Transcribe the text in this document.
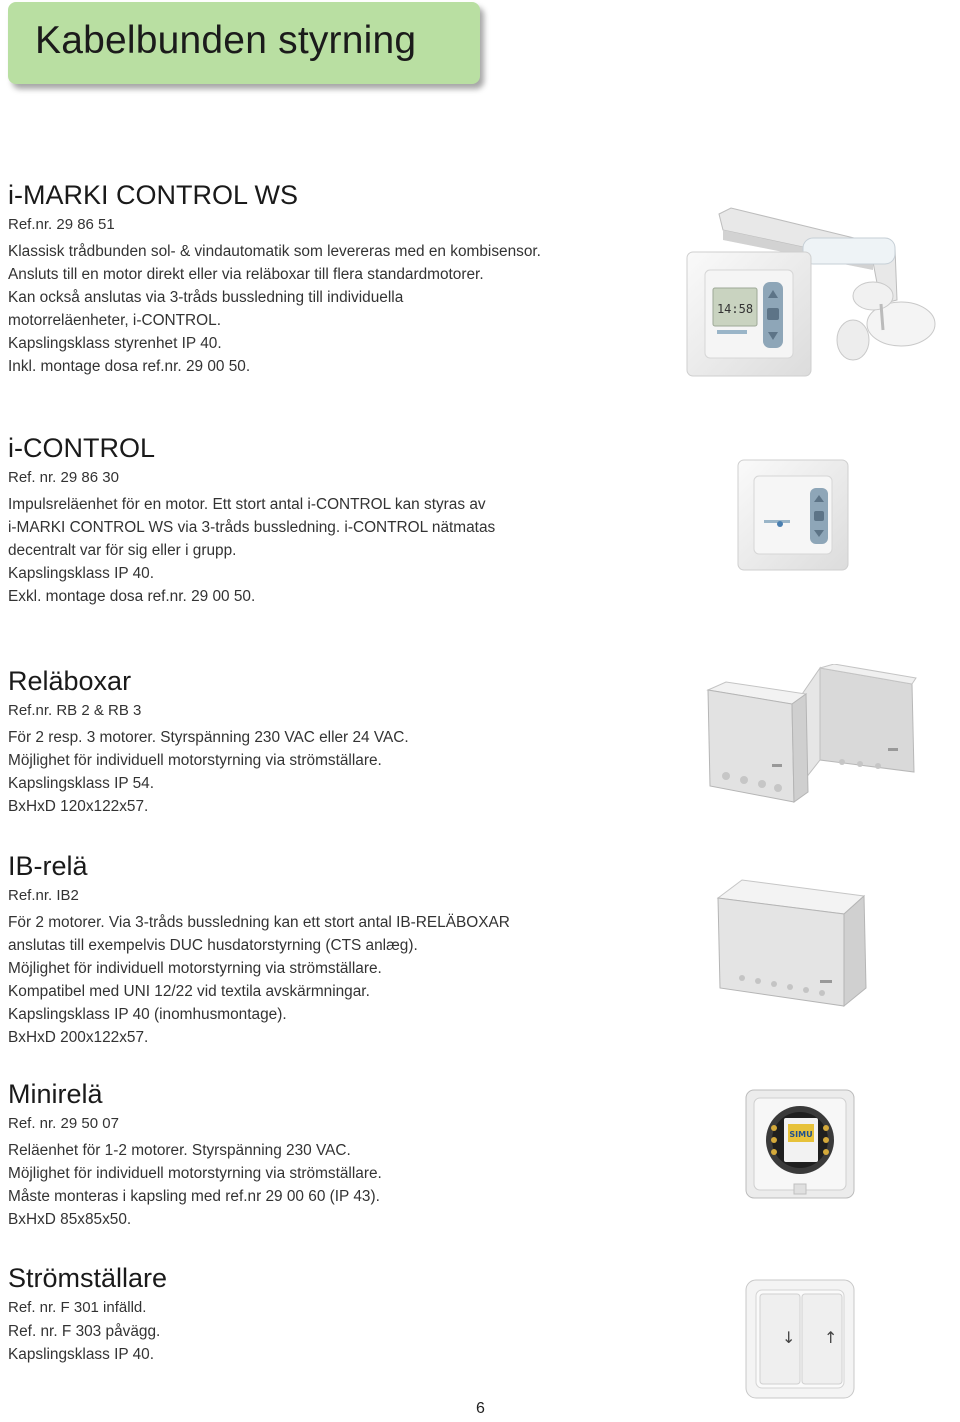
Kabelbunden styrning
i-MARKI CONTROL WS
Ref.nr. 29 86 51
Klassisk trådbunden sol- & vindautomatik som levereras med en kombisensor.
Ansluts till en motor direkt eller via reläboxar till flera standardmotorer.
Kan också anslutas via 3-tråds bussledning till individuella
motorreläenheter, i-CONTROL.
Kapslingsklass styrenhet IP 40.
Inkl. montage dosa ref.nr. 29 00 50.
i-CONTROL
Ref. nr. 29 86 30
Impulsreläenhet för en motor. Ett stort antal i-CONTROL kan styras av
i-MARKI CONTROL WS via 3-tråds bussledning. i-CONTROL nätmatas
decentralt var för sig eller i grupp.
Kapslingsklass IP 40.
Exkl. montage dosa ref.nr. 29 00 50.
Reläboxar
Ref.nr. RB 2 & RB 3
För 2 resp. 3 motorer. Styrspänning 230 VAC eller 24 VAC.
Möjlighet för individuell motorstyrning via strömställare.
Kapslingsklass IP 54.
BxHxD 120x122x57.
IB-relä
Ref.nr. IB2
För 2 motorer. Via 3-tråds bussledning kan ett stort antal IB-RELÄBOXAR
anslutas till exempelvis DUC husdatorstyrning (CTS anlæg).
Möjlighet för individuell motorstyrning via strömställare.
Kompatibel med UNI 12/22 vid textila avskärmningar.
Kapslingsklass IP 40 (inomhusmontage).
BxHxD 200x122x57.
Minirelä
Ref. nr. 29 50 07
Reläenhet för 1-2 motorer. Styrspänning 230 VAC.
Möjlighet för individuell motorstyrning via strömställare.
Måste monteras i kapsling med ref.nr 29 00 60 (IP 43).
BxHxD 85x85x50.
Strömställare
Ref. nr. F 301 infälld.
Ref. nr. F 303 påvägg.
Kapslingsklass IP 40.
14:58
SIMU
↓ ↑
6
